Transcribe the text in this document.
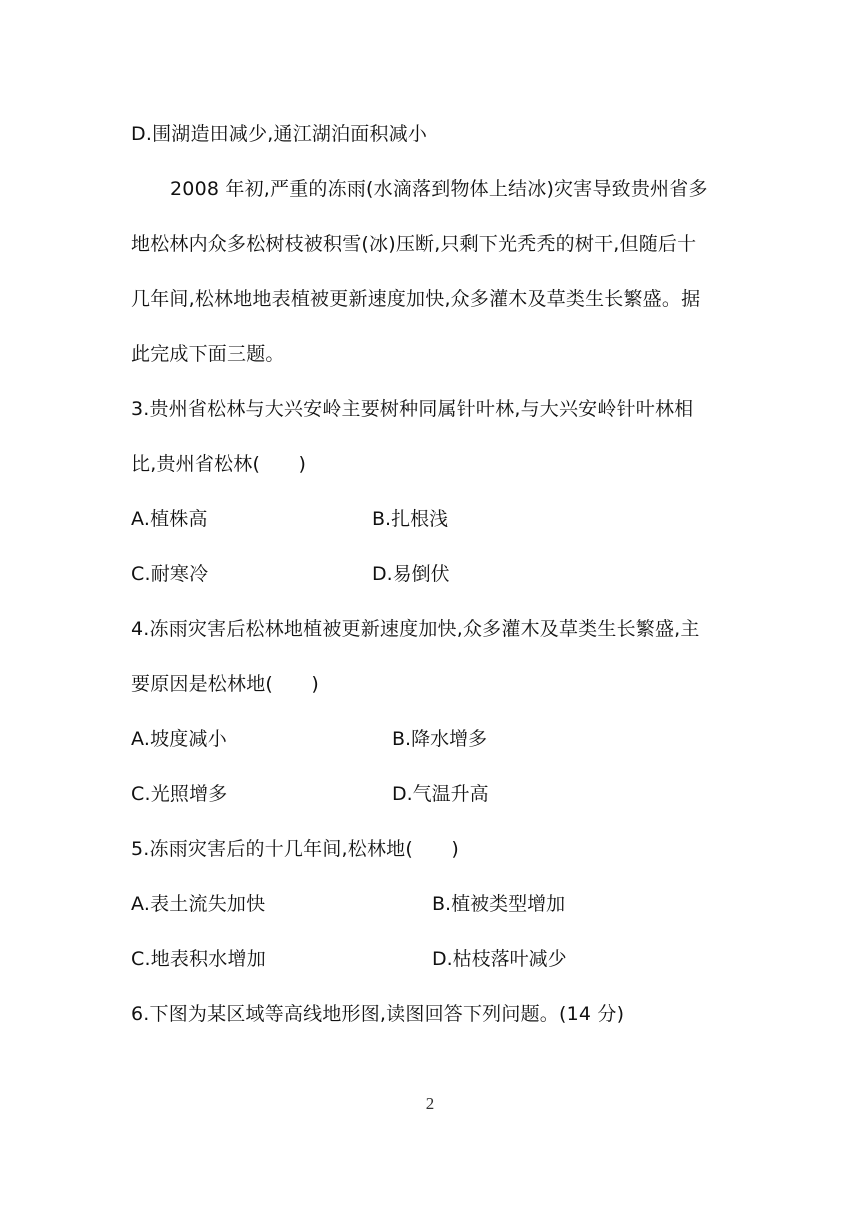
D.围湖造田减少,通江湖泊面积减小
2008 年初,严重的冻雨(水滴落到物体上结冰)灾害导致贵州省多
地松林内众多松树枝被积雪(冰)压断,只剩下光秃秃的树干,但随后十
几年间,松林地地表植被更新速度加快,众多灌木及草类生长繁盛。据
此完成下面三题。
3.贵州省松林与大兴安岭主要树种同属针叶林,与大兴安岭针叶林相
比,贵州省松林(　　)
A.植株高	B.扎根浅
C.耐寒冷	D.易倒伏
4.冻雨灾害后松林地植被更新速度加快,众多灌木及草类生长繁盛,主
要原因是松林地(　　)
A.坡度减小	B.降水增多
C.光照增多	D.气温升高
5.冻雨灾害后的十几年间,松林地(　　)
A.表土流失加快	B.植被类型增加
C.地表积水增加	D.枯枝落叶减少
6.下图为某区域等高线地形图,读图回答下列问题。(14 分)
2
